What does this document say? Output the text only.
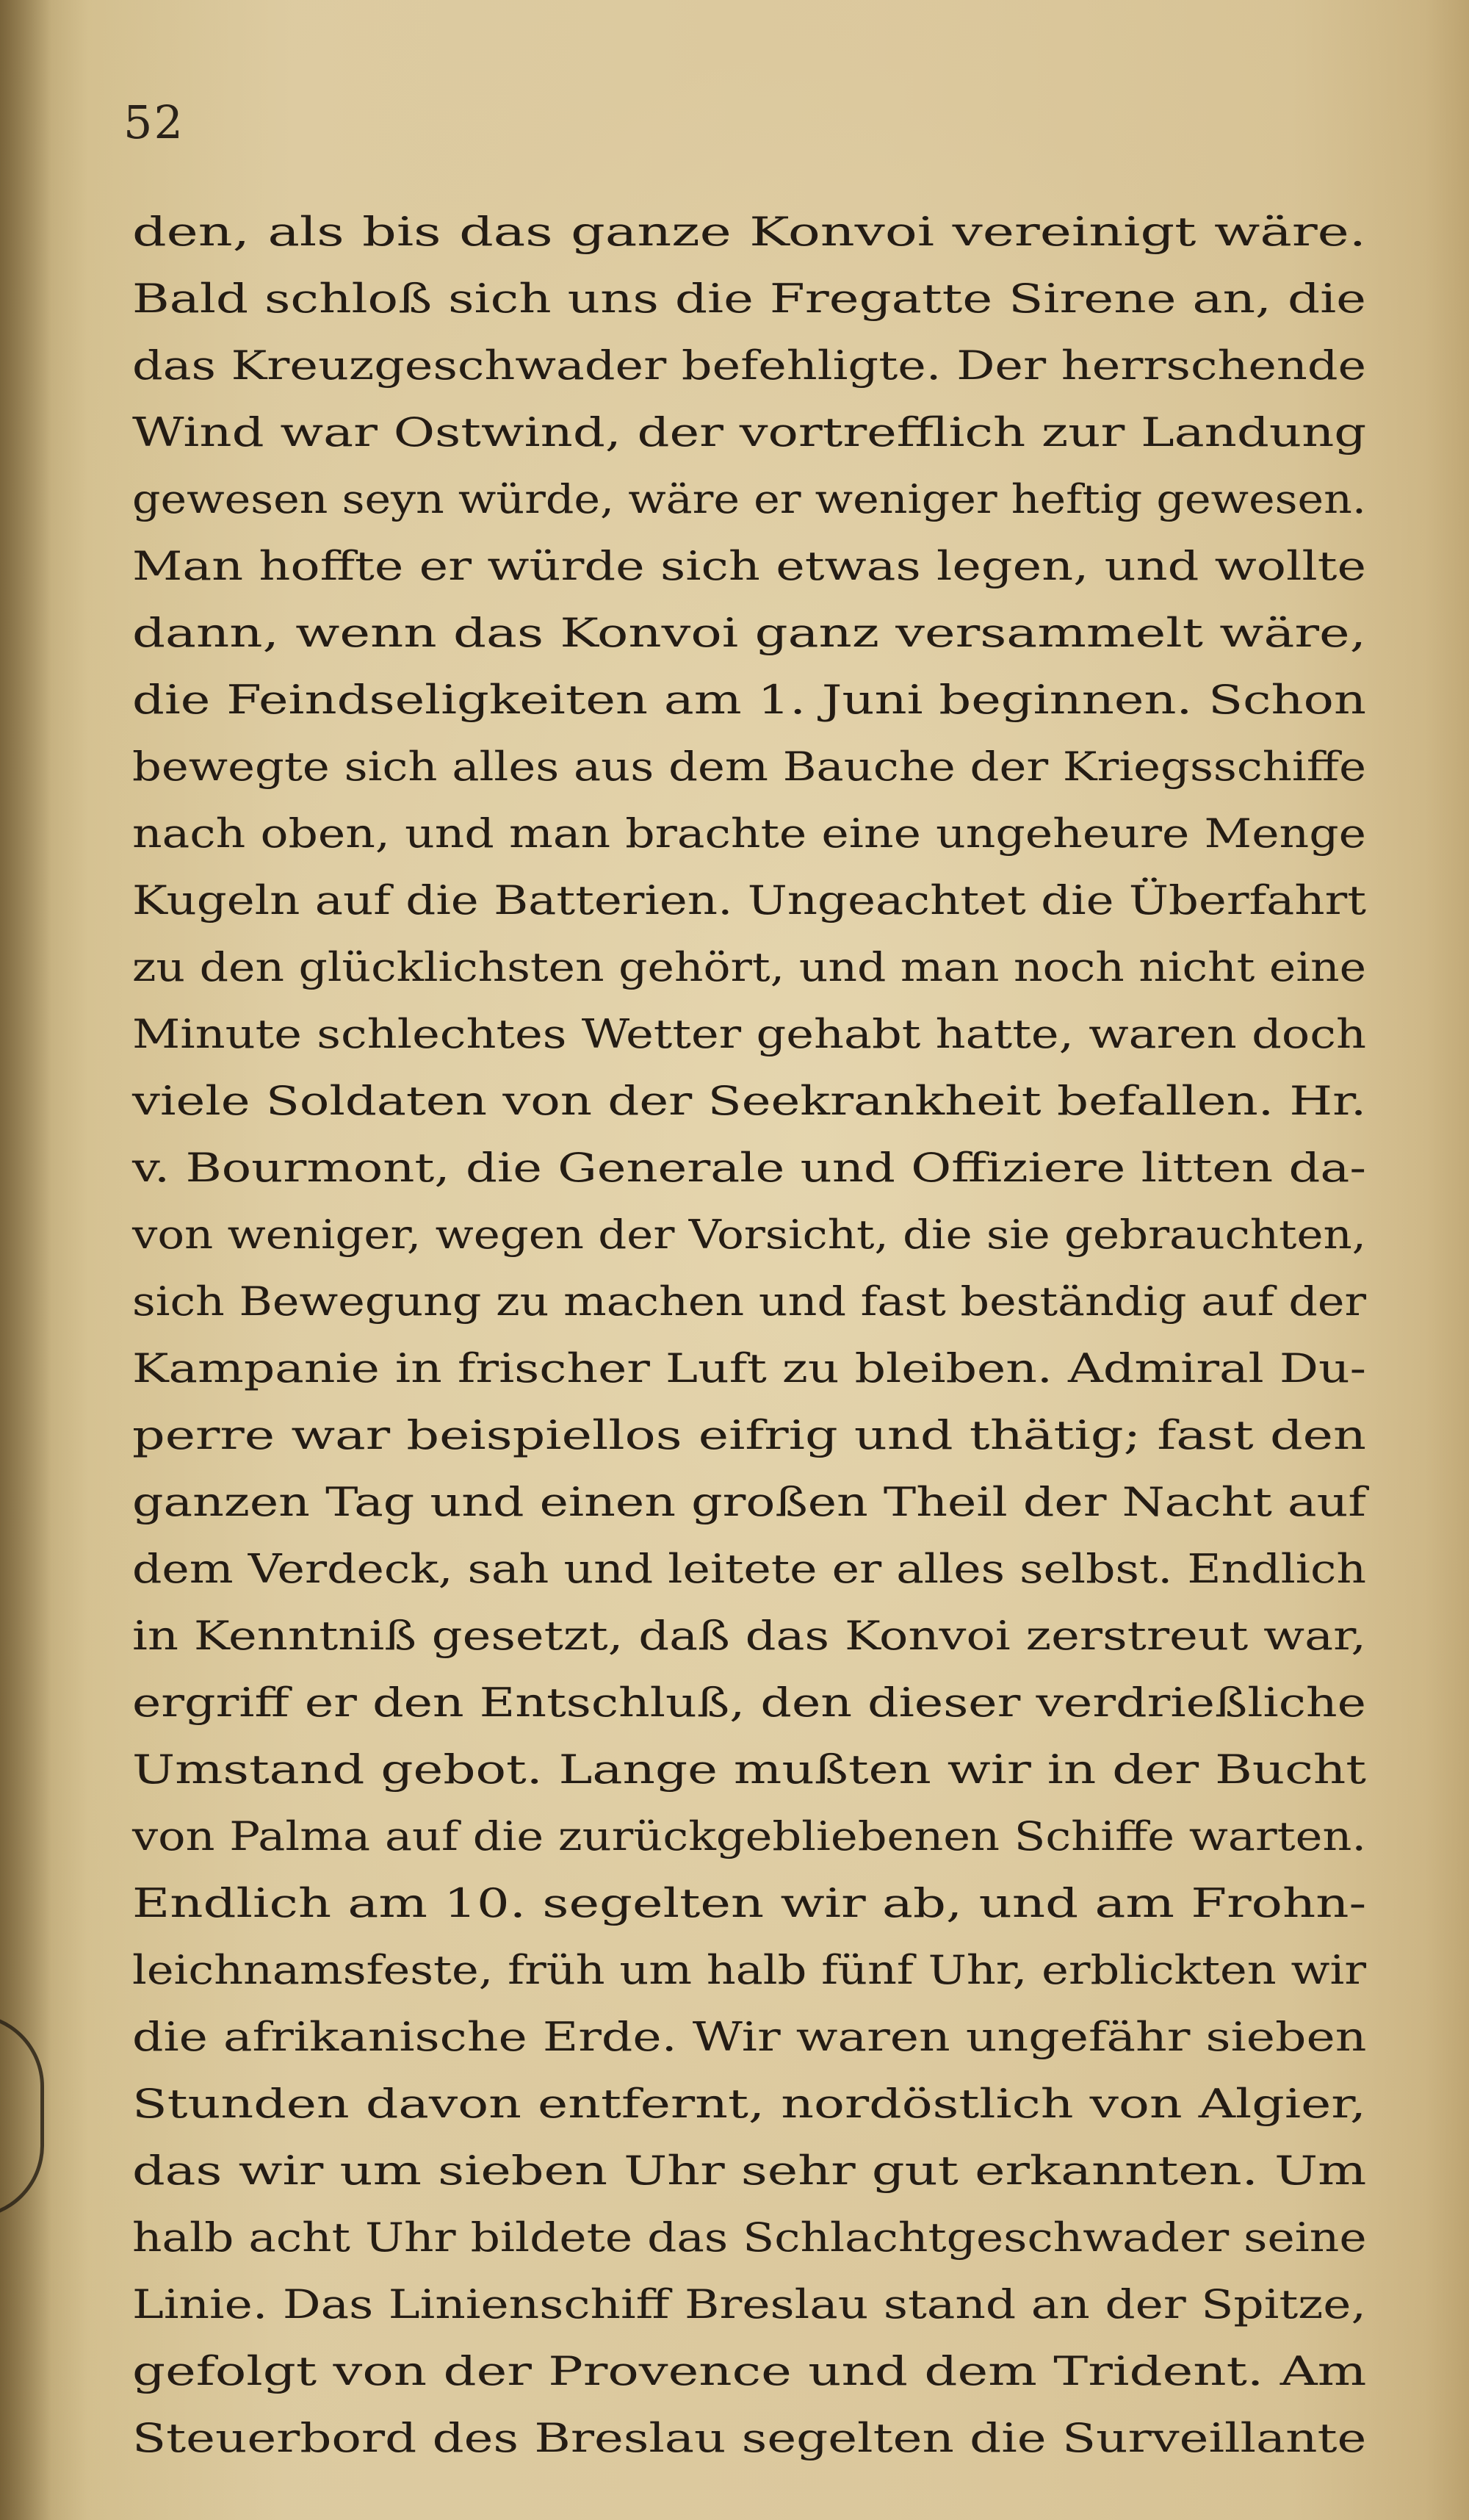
52
den, als bis das ganze Konvoi vereinigt wäre.
Bald schloß sich uns die Fregatte Sirene an, die
das Kreuzgeschwader befehligte. Der herrschende
Wind war Ostwind, der vortrefflich zur Landung
gewesen seyn würde, wäre er weniger heftig gewesen.
Man hoffte er würde sich etwas legen, und wollte
dann, wenn das Konvoi ganz versammelt wäre,
die Feindseligkeiten am 1. Juni beginnen. Schon
bewegte sich alles aus dem Bauche der Kriegsschiffe
nach oben, und man brachte eine ungeheure Menge
Kugeln auf die Batterien. Ungeachtet die Überfahrt
zu den glücklichsten gehört, und man noch nicht eine
Minute schlechtes Wetter gehabt hatte, waren doch
viele Soldaten von der Seekrankheit befallen. Hr.
v. Bourmont, die Generale und Offiziere litten da-
von weniger, wegen der Vorsicht, die sie gebrauchten,
sich Bewegung zu machen und fast beständig auf der
Kampanie in frischer Luft zu bleiben. Admiral Du-
perre war beispiellos eifrig und thätig; fast den
ganzen Tag und einen großen Theil der Nacht auf
dem Verdeck, sah und leitete er alles selbst. Endlich
in Kenntniß gesetzt, daß das Konvoi zerstreut war,
ergriff er den Entschluß, den dieser verdrießliche
Umstand gebot. Lange mußten wir in der Bucht
von Palma auf die zurückgebliebenen Schiffe warten.
Endlich am 10. segelten wir ab, und am Frohn-
leichnamsfeste, früh um halb fünf Uhr, erblickten wir
die afrikanische Erde. Wir waren ungefähr sieben
Stunden davon entfernt, nordöstlich von Algier,
das wir um sieben Uhr sehr gut erkannten. Um
halb acht Uhr bildete das Schlachtgeschwader seine
Linie. Das Linienschiff Breslau stand an der Spitze,
gefolgt von der Provence und dem Trident. Am
Steuerbord des Breslau segelten die Surveillante
